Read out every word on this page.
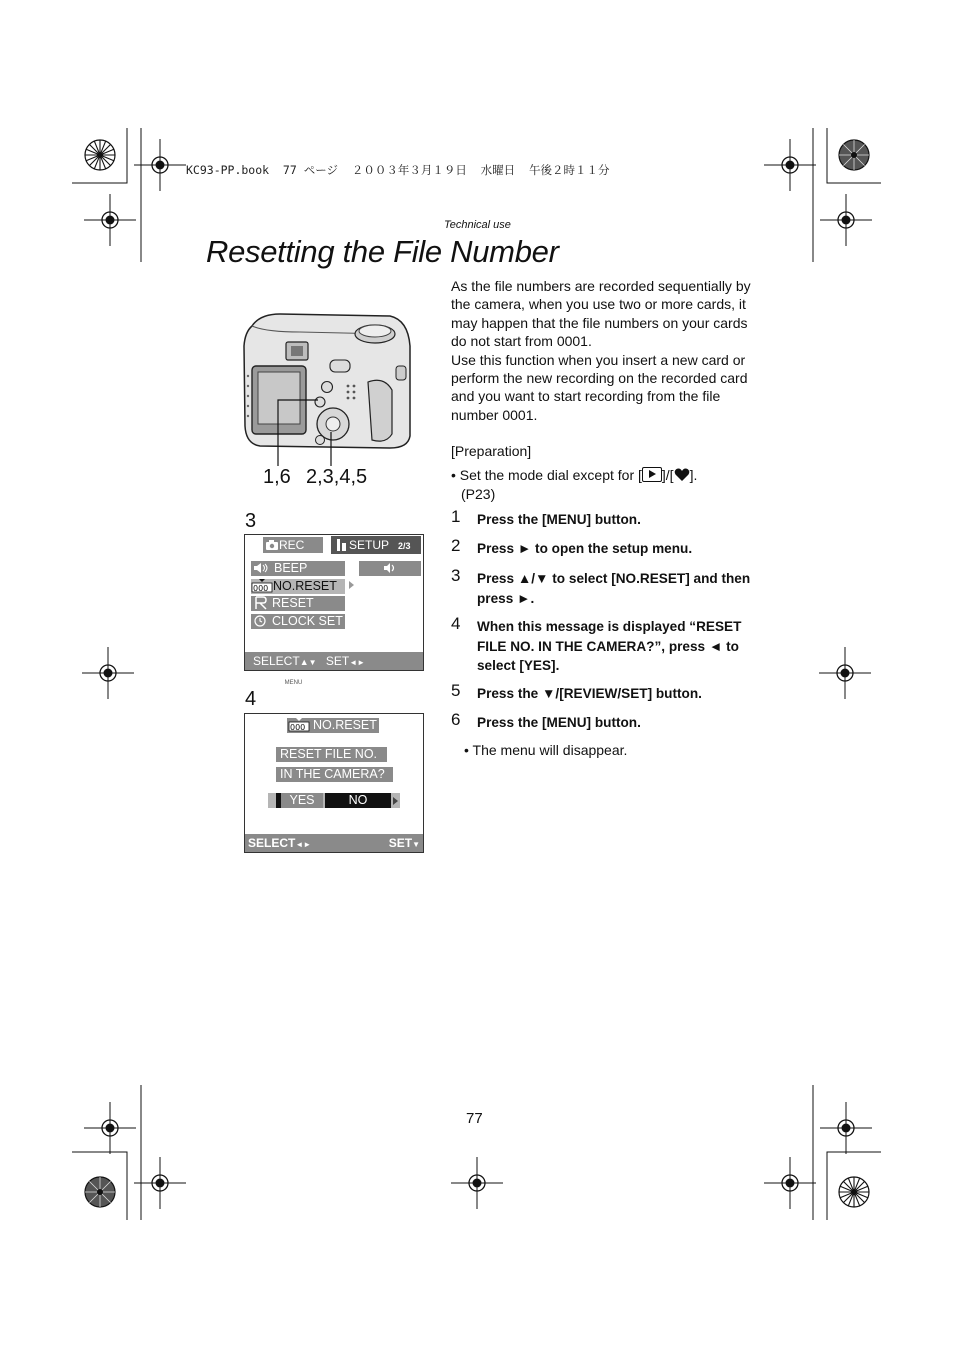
KC93-PP.book  77 ページ  ２００３年３月１９日  水曜日  午後２時１１分
Technical use
Resetting the File Number
1,6 2,3,4,5
3
REC	SETUP 2/3
BEEP
000 NO.RESET
RESET
CLOCK SET
SELECT▲▼ SET◄► EXIT MENU
4
000 NO.RESET
RESET FILE NO.
IN THE CAMERA?
YES	NO
SELECT◄►	SET▼
As the file numbers are recorded sequentially by the camera, when you use two or more cards, it may happen that the file numbers on your cards do not start from 0001.
Use this function when you insert a new card or perform the new recording on the recorded card and you want to start recording from the file number 0001.
[Preparation]
• Set the mode dial except for [ ]/[ ].
(P23)
1 Press the [MENU] button.
2 Press ► to open the setup menu.
3 Press ▲/▼ to select [NO.RESET] and then press ►.
4 When this message is displayed “RESET FILE NO. IN THE CAMERA?”, press ◄ to select [YES].
5 Press the ▼/[REVIEW/SET] button.
6 Press the [MENU] button.
• The menu will disappear.
77
